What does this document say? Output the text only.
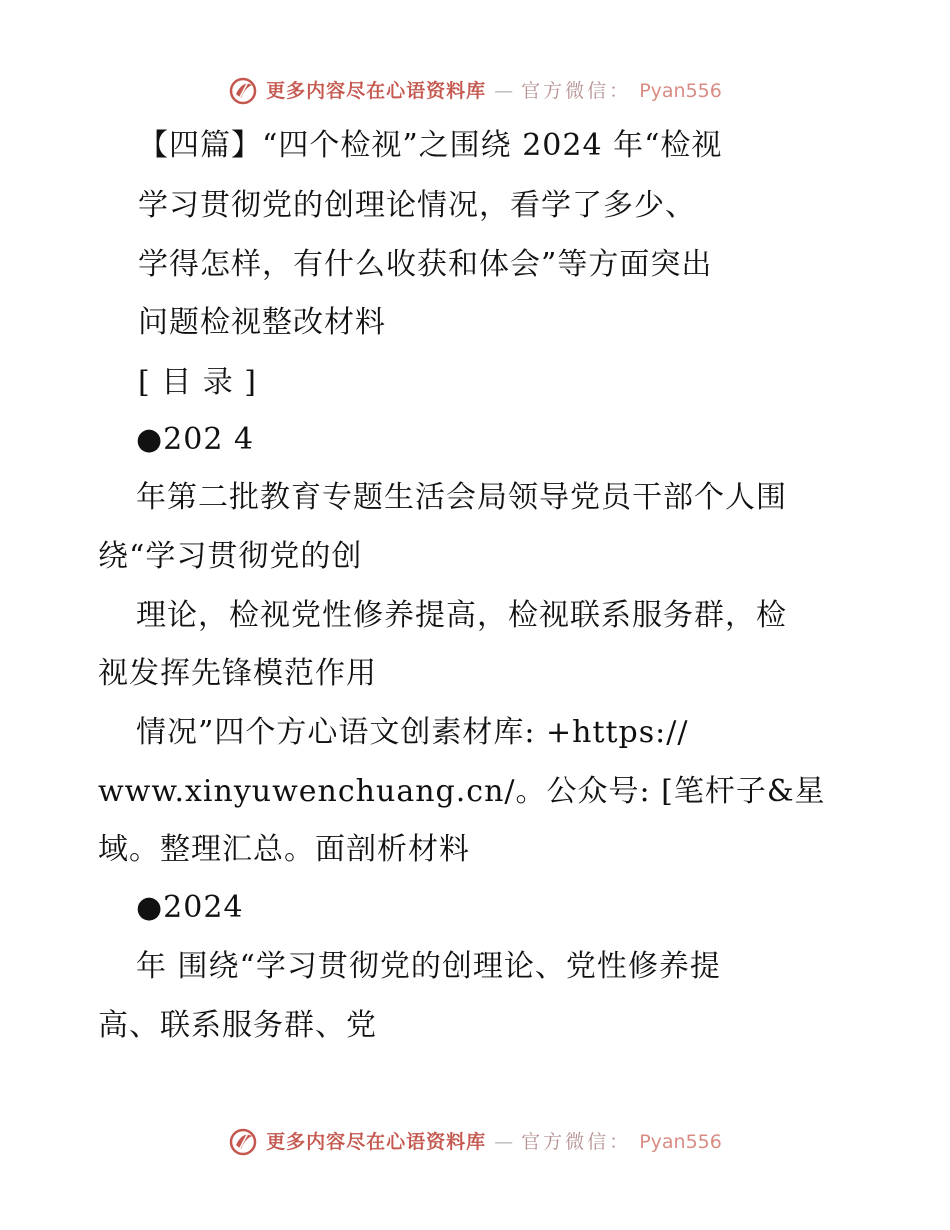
更多内容尽在心语资料库 — 官方微信： Pyan556
【四篇】“四个检视”之围绕 2024 年“检视
学习贯彻党的创理论情况，看学了多少、
学得怎样，有什么收获和体会”等方面突出
问题检视整改材料
[ 目 录 ]
●202 4
年第二批教育专题生活会局领导党员干部个人围
绕“学习贯彻党的创
理论，检视党性修养提高，检视联系服务群，检
视发挥先锋模范作用
情况”四个方心语文创素材库: +https://
www.xinyuwenchuang.cn/。公众号: [笔杆子&星
域。整理汇总。面剖析材料
●2024
年 围绕“学习贯彻党的创理论、党性修养提
高、联系服务群、党
更多内容尽在心语资料库 — 官方微信： Pyan556
